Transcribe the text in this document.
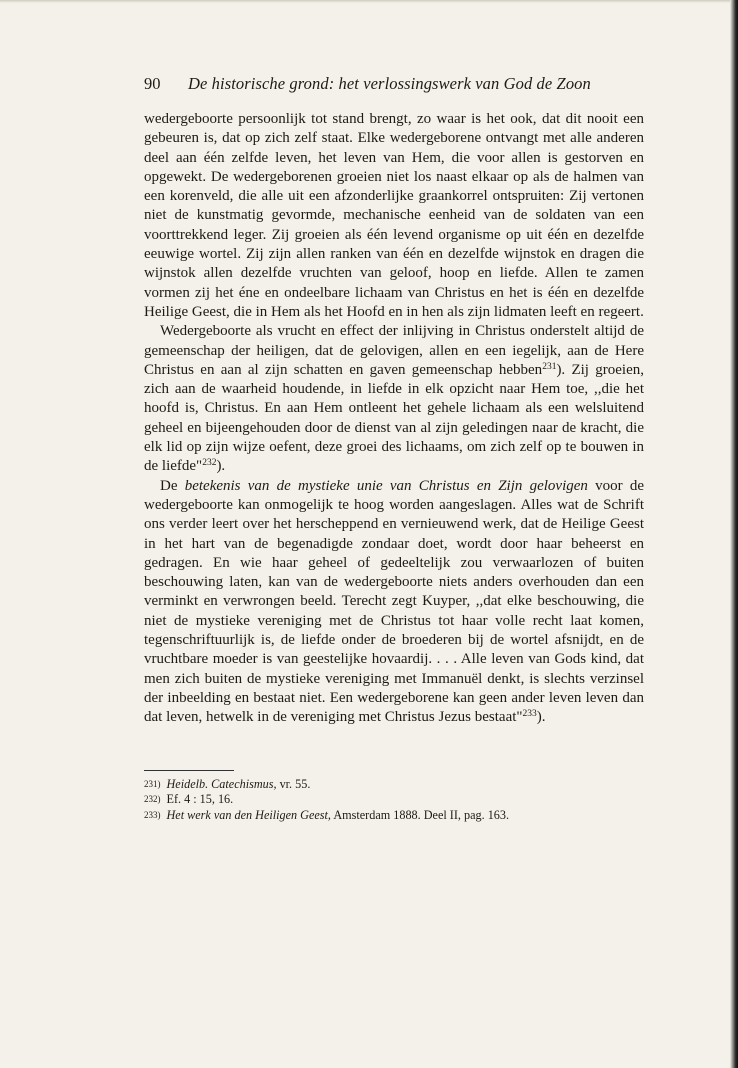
90	De historische grond: het verlossingswerk van God de Zoon

wedergeboorte persoonlijk tot stand brengt, zo waar is het ook, dat dit nooit een gebeuren is, dat op zich zelf staat. Elke wedergeborene ontvangt met alle anderen deel aan één zelfde leven, het leven van Hem, die voor allen is gestorven en opgewekt. De wedergeborenen groeien niet los naast elkaar op als de halmen van een korenveld, die alle uit een afzonderlijke graankorrel ontspruiten: Zij vertonen niet de kunstmatig gevormde, mechanische eenheid van de soldaten van een voorttrekkend leger. Zij groeien als één levend organisme op uit één en dezelfde eeuwige wortel. Zij zijn allen ranken van één en dezelfde wijnstok en dragen die wijnstok allen dezelfde vruchten van geloof, hoop en liefde. Allen te zamen vormen zij het éne en ondeelbare lichaam van Christus en het is één en dezelfde Heilige Geest, die in Hem als het Hoofd en in hen als zijn lidmaten leeft en regeert.

Wedergeboorte als vrucht en effect der inlijving in Christus onderstelt altijd de gemeenschap der heiligen, dat de gelovigen, allen en een iegelijk, aan de Here Christus en aan al zijn schatten en gaven gemeenschap hebben$^{231}$). Zij groeien, zich aan de waarheid houdende, in liefde in elk opzicht naar Hem toe, ,,die het hoofd is, Christus. En aan Hem ontleent het gehele lichaam als een welsluitend geheel en bijeengehouden door de dienst van al zijn geledingen naar de kracht, die elk lid op zijn wijze oefent, deze groei des lichaams, om zich zelf op te bouwen in de liefde"$^{232}$).

De betekenis van de mystieke unie van Christus en Zijn gelovigen voor de wedergeboorte kan onmogelijk te hoog worden aangeslagen. Alles wat de Schrift ons verder leert over het herscheppend en vernieuwend werk, dat de Heilige Geest in het hart van de begenadigde zondaar doet, wordt door haar beheerst en gedragen. En wie haar geheel of gedeeltelijk zou verwaarlozen of buiten beschouwing laten, kan van de wedergeboorte niets anders overhouden dan een verminkt en verwrongen beeld. Terecht zegt Kuyper, ,,dat elke beschouwing, die niet de mystieke vereniging met de Christus tot haar volle recht laat komen, tegenschriftuurlijk is, de liefde onder de broederen bij de wortel afsnijdt, en de vruchtbare moeder is van geestelijke hovaardij. . . . Alle leven van Gods kind, dat men zich buiten de mystieke vereniging met Immanuël denkt, is slechts verzinsel der inbeelding en bestaat niet. Een wedergeborene kan geen ander leven leven dan dat leven, hetwelk in de vereniging met Christus Jezus bestaat"$^{233}$).

231) Heidelb. Catechismus, vr. 55.
232) Ef. 4 : 15, 16.
233) Het werk van den Heiligen Geest, Amsterdam 1888. Deel II, pag. 163.
